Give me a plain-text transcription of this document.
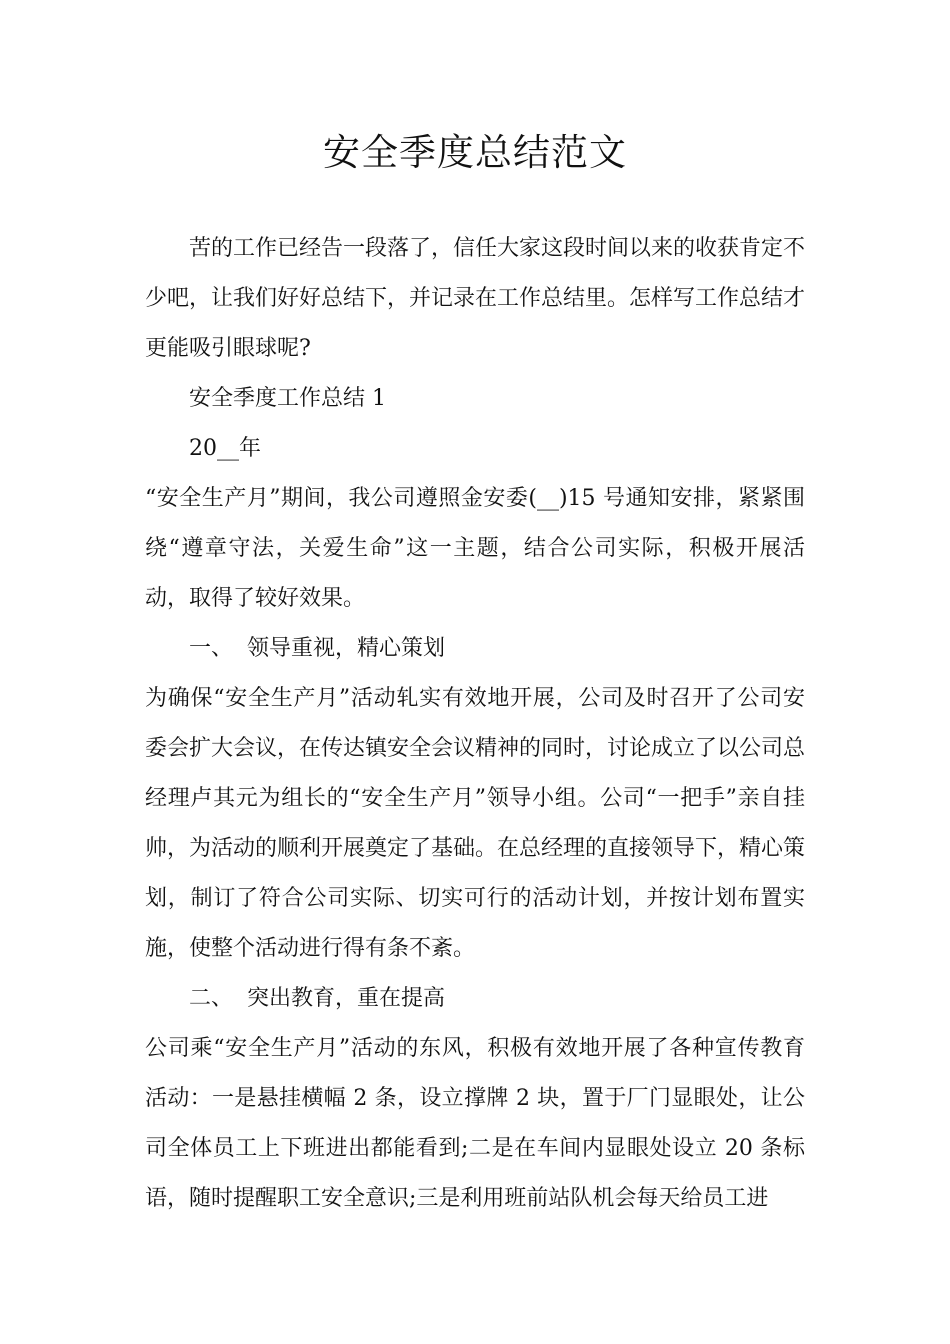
安全季度总结范文

苦的工作已经告一段落了，信任大家这段时间以来的收获肯定不少吧，让我们好好总结下，并记录在工作总结里。怎样写工作总结才更能吸引眼球呢?

安全季度工作总结 1

20__年

“安全生产月”期间，我公司遵照金安委(__)15 号通知安排，紧紧围绕“遵章守法，关爱生命”这一主题，结合公司实际，积极开展活动，取得了较好效果。

一、  领导重视，精心策划

为确保“安全生产月”活动轧实有效地开展，公司及时召开了公司安委会扩大会议，在传达镇安全会议精神的同时，讨论成立了以公司总经理卢其元为组长的“安全生产月”领导小组。公司“一把手”亲自挂帅，为活动的顺利开展奠定了基础。在总经理的直接领导下，精心策划，制订了符合公司实际、切实可行的活动计划，并按计划布置实施，使整个活动进行得有条不紊。

二、  突出教育，重在提高

公司乘“安全生产月”活动的东风，积极有效地开展了各种宣传教育活动：一是悬挂横幅 2 条，设立撑牌 2 块，置于厂门显眼处，让公司全体员工上下班进出都能看到;二是在车间内显眼处设立 20 条标语，随时提醒职工安全意识;三是利用班前站队机会每天给员工进
